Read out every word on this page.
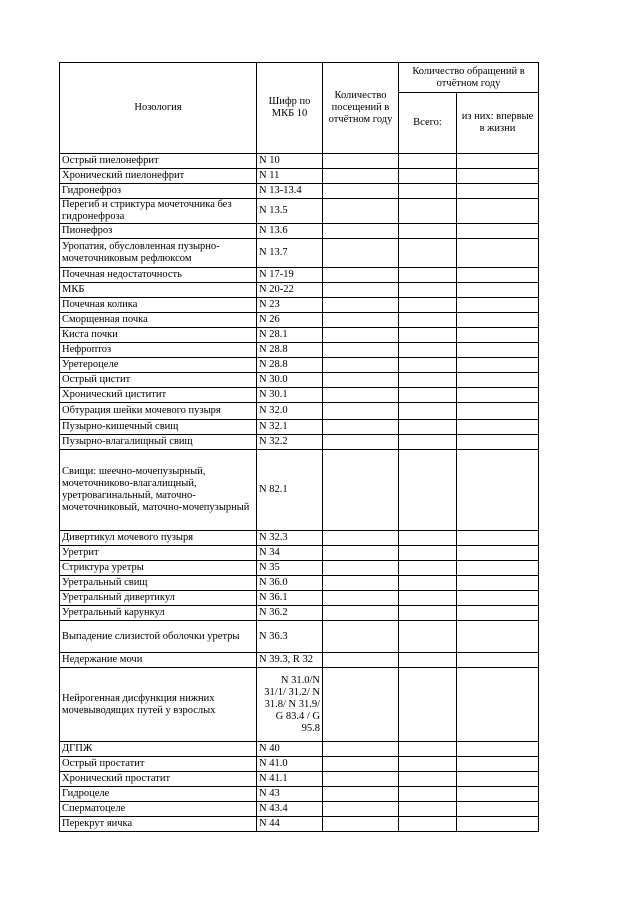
Нозология	Шифр по МКБ 10	Количество посещений в отчётном году	Количество обращений в отчётном году	
			Всего:	из них: впервые в жизни
Острый пиелонефрит	N 10			
Хронический пиелонефрит	N 11			
Гидронефроз	N 13-13.4			
Перегиб и стриктура мочеточника без гидронефроза	N 13.5			
Пионефроз	N 13.6			
Уропатия, обусловленная пузырно-мочеточниковым рефлюксом	N 13.7			
Почечная недостаточность	N 17-19			
МКБ	N 20-22			
Почечная колика	N 23			
Сморщенная почка	N 26			
Киста почки	N 28.1			
Нефроптоз	N 28.8			
Уретероцеле	N 28.8			
Острый цистит	N 30.0			
Хронический циститит	N 30.1			
Обтурация шейки мочевого пузыря	N 32.0			
Пузырно-кишечный свищ	N 32.1			
Пузырно-влагалищный свищ	N 32.2			
Свищи: шеечно-мочепузырный, мочеточниково-влагалищный, уретровагинальный, маточно-мочеточниковый, маточно-мочепузырный	N 82.1			
Дивертикул мочевого пузыря	N 32.3			
Уретрит	N 34			
Стриктура уретры	N 35			
Уретральный свищ	N 36.0			
Уретральный дивертикул	N 36.1			
Уретральный карункул	N 36.2			
Выпадение слизистой оболочки уретры	N 36.3			
Недержание мочи	N 39.3, R 32			
Нейрогенная дисфункция нижних мочевыводящих путей у взрослых	N 31.0/N 31/1/ 31.2/ N 31.8/ N 31.9/ G 83.4 / G 95.8			
ДГПЖ	N 40			
Острый простатит	N 41.0			
Хронический простатит	N 41.1			
Гидроцеле	N 43			
Сперматоцеле	N 43.4			
Перекрут яичка	N 44			
